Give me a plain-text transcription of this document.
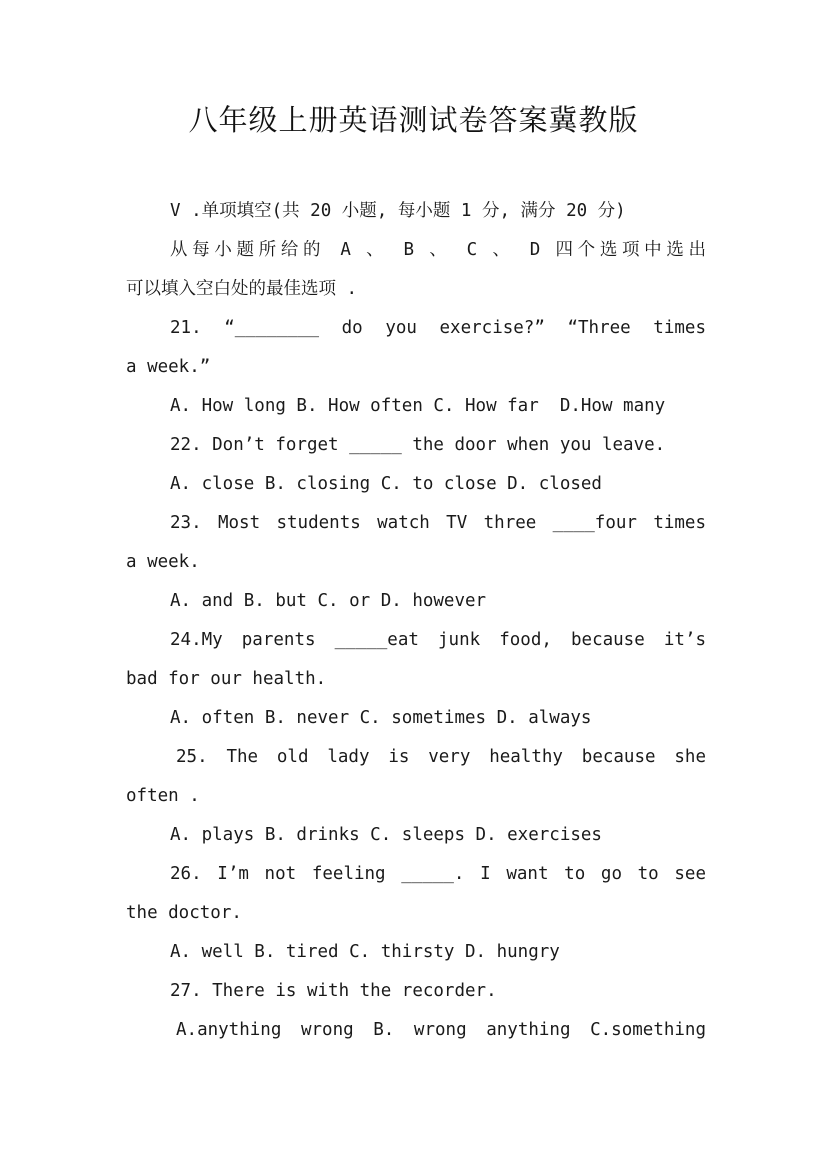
八年级上册英语测试卷答案冀教版
V .单项填空(共 20 小题, 每小题 1 分, 满分 20 分)
从每小题所给的 A 、 B 、 C 、 D 四个选项中选出
可以填入空白处的最佳选项 .
21. “________ do you exercise?” “Three times
a week.”
A. How long B. How often C. How far  D.How many
22. Don’t forget _____ the door when you leave.
A. close B. closing C. to close D. closed
23. Most students watch TV three ____four times
a week.
A. and B. but C. or D. however
24.My parents _____eat junk food, because it’s
bad for our health.
A. often B. never C. sometimes D. always
25. The old lady is very healthy because she
often .
A. plays B. drinks C. sleeps D. exercises
26. I’m not feeling _____. I want to go to see
the doctor.
A. well B. tired C. thirsty D. hungry
27. There is with the recorder.
A.anything wrong B. wrong anything C.something
